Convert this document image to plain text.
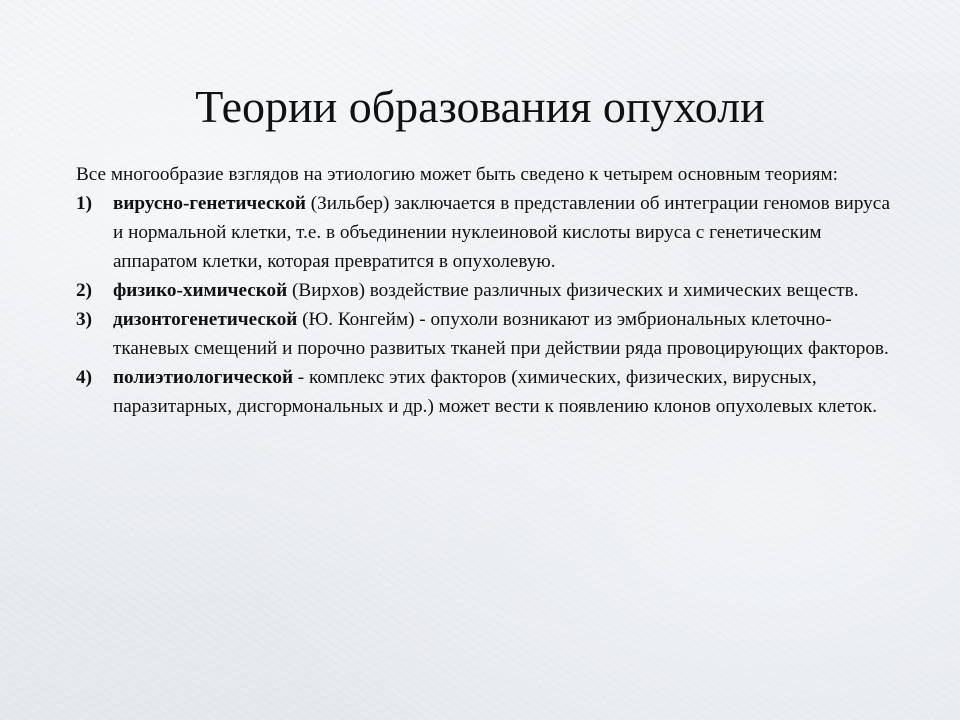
Теории образования опухоли

Все многообразие взглядов на этиологию может быть сведено к четырем основным теориям:

1) вирусно-генетической (Зильбер) заключается в представлении об интеграции геномов вируса и нормальной клетки, т.е. в объединении нуклеиновой кислоты вируса с генетическим аппаратом клетки, которая превратится в опухолевую.
2) физико-химической (Вирхов) воздействие различных физических и химических веществ.
3) дизонтогенетической (Ю. Конгейм) - опухоли возникают из эмбриональных клеточно-тканевых смещений и порочно развитых тканей при действии ряда провоцирующих факторов.
4) полиэтиологической - комплекс этих факторов (химических, физических, вирусных, паразитарных, дисгормональных и др.) может вести к появлению клонов опухолевых клеток.
